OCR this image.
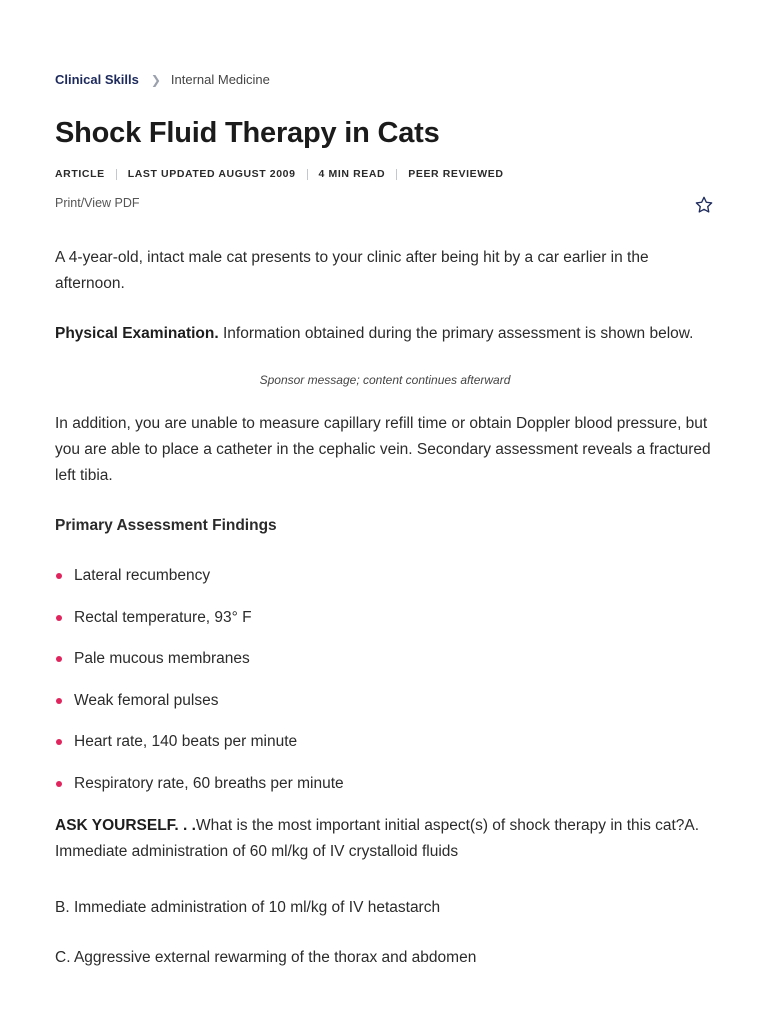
Clinical Skills ❯ Internal Medicine
Shock Fluid Therapy in Cats
ARTICLE LAST UPDATED AUGUST 2009 4 MIN READ PEER REVIEWED
Print/View PDF

A 4-year-old, intact male cat presents to your clinic after being hit by a car earlier in the afternoon.

Physical Examination. Information obtained during the primary assessment is shown below.

Sponsor message; content continues afterward

In addition, you are unable to measure capillary refill time or obtain Doppler blood pressure, but you are able to place a catheter in the cephalic vein. Secondary assessment reveals a fractured left tibia.

Primary Assessment Findings

Lateral recumbency
Rectal temperature, 93° F
Pale mucous membranes
Weak femoral pulses
Heart rate, 140 beats per minute
Respiratory rate, 60 breaths per minute

ASK YOURSELF. . .What is the most important initial aspect(s) of shock therapy in this cat?A. Immediate administration of 60 ml/kg of IV crystalloid fluids

B. Immediate administration of 10 ml/kg of IV hetastarch

C. Aggressive external rewarming of the thorax and abdomen
